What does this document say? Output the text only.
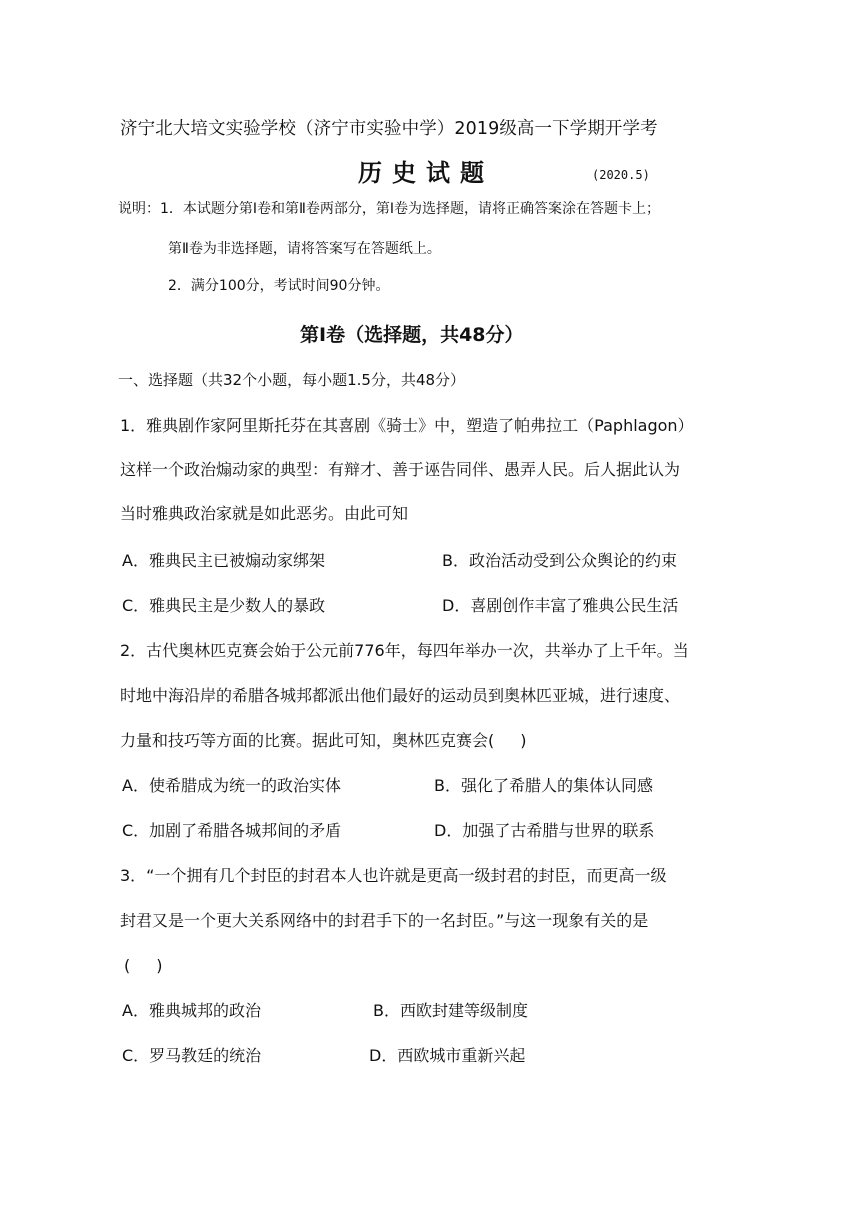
济宁北大培文实验学校（济宁市实验中学）2019级高一下学期开学考
历史试题	(2020.5)
说明：1．本试题分第Ⅰ卷和第Ⅱ卷两部分，第Ⅰ卷为选择题，请将正确答案涂在答题卡上；
第Ⅱ卷为非选择题，请将答案写在答题纸上。
2．满分100分，考试时间90分钟。
第Ⅰ卷（选择题，共48分）
一、选择题（共32个小题，每小题1.5分，共48分）
1．雅典剧作家阿里斯托芬在其喜剧《骑士》中，塑造了帕弗拉工（Paphlagon）
这样一个政治煽动家的典型：有辩才、善于诬告同伴、愚弄人民。后人据此认为
当时雅典政治家就是如此恶劣。由此可知
A．雅典民主已被煽动家绑架	B．政治活动受到公众舆论的约束
C．雅典民主是少数人的暴政	D．喜剧创作丰富了雅典公民生活
2．古代奥林匹克赛会始于公元前776年，每四年举办一次，共举办了上千年。当
时地中海沿岸的希腊各城邦都派出他们最好的运动员到奥林匹亚城，进行速度、
力量和技巧等方面的比赛。据此可知，奥林匹克赛会( )
A．使希腊成为统一的政治实体	B．强化了希腊人的集体认同感
C．加剧了希腊各城邦间的矛盾	D．加强了古希腊与世界的联系
3．“一个拥有几个封臣的封君本人也许就是更高一级封君的封臣，而更高一级
封君又是一个更大关系网络中的封君手下的一名封臣。”与这一现象有关的是
( )
A．雅典城邦的政治	B．西欧封建等级制度
C．罗马教廷的统治	D．西欧城市重新兴起
